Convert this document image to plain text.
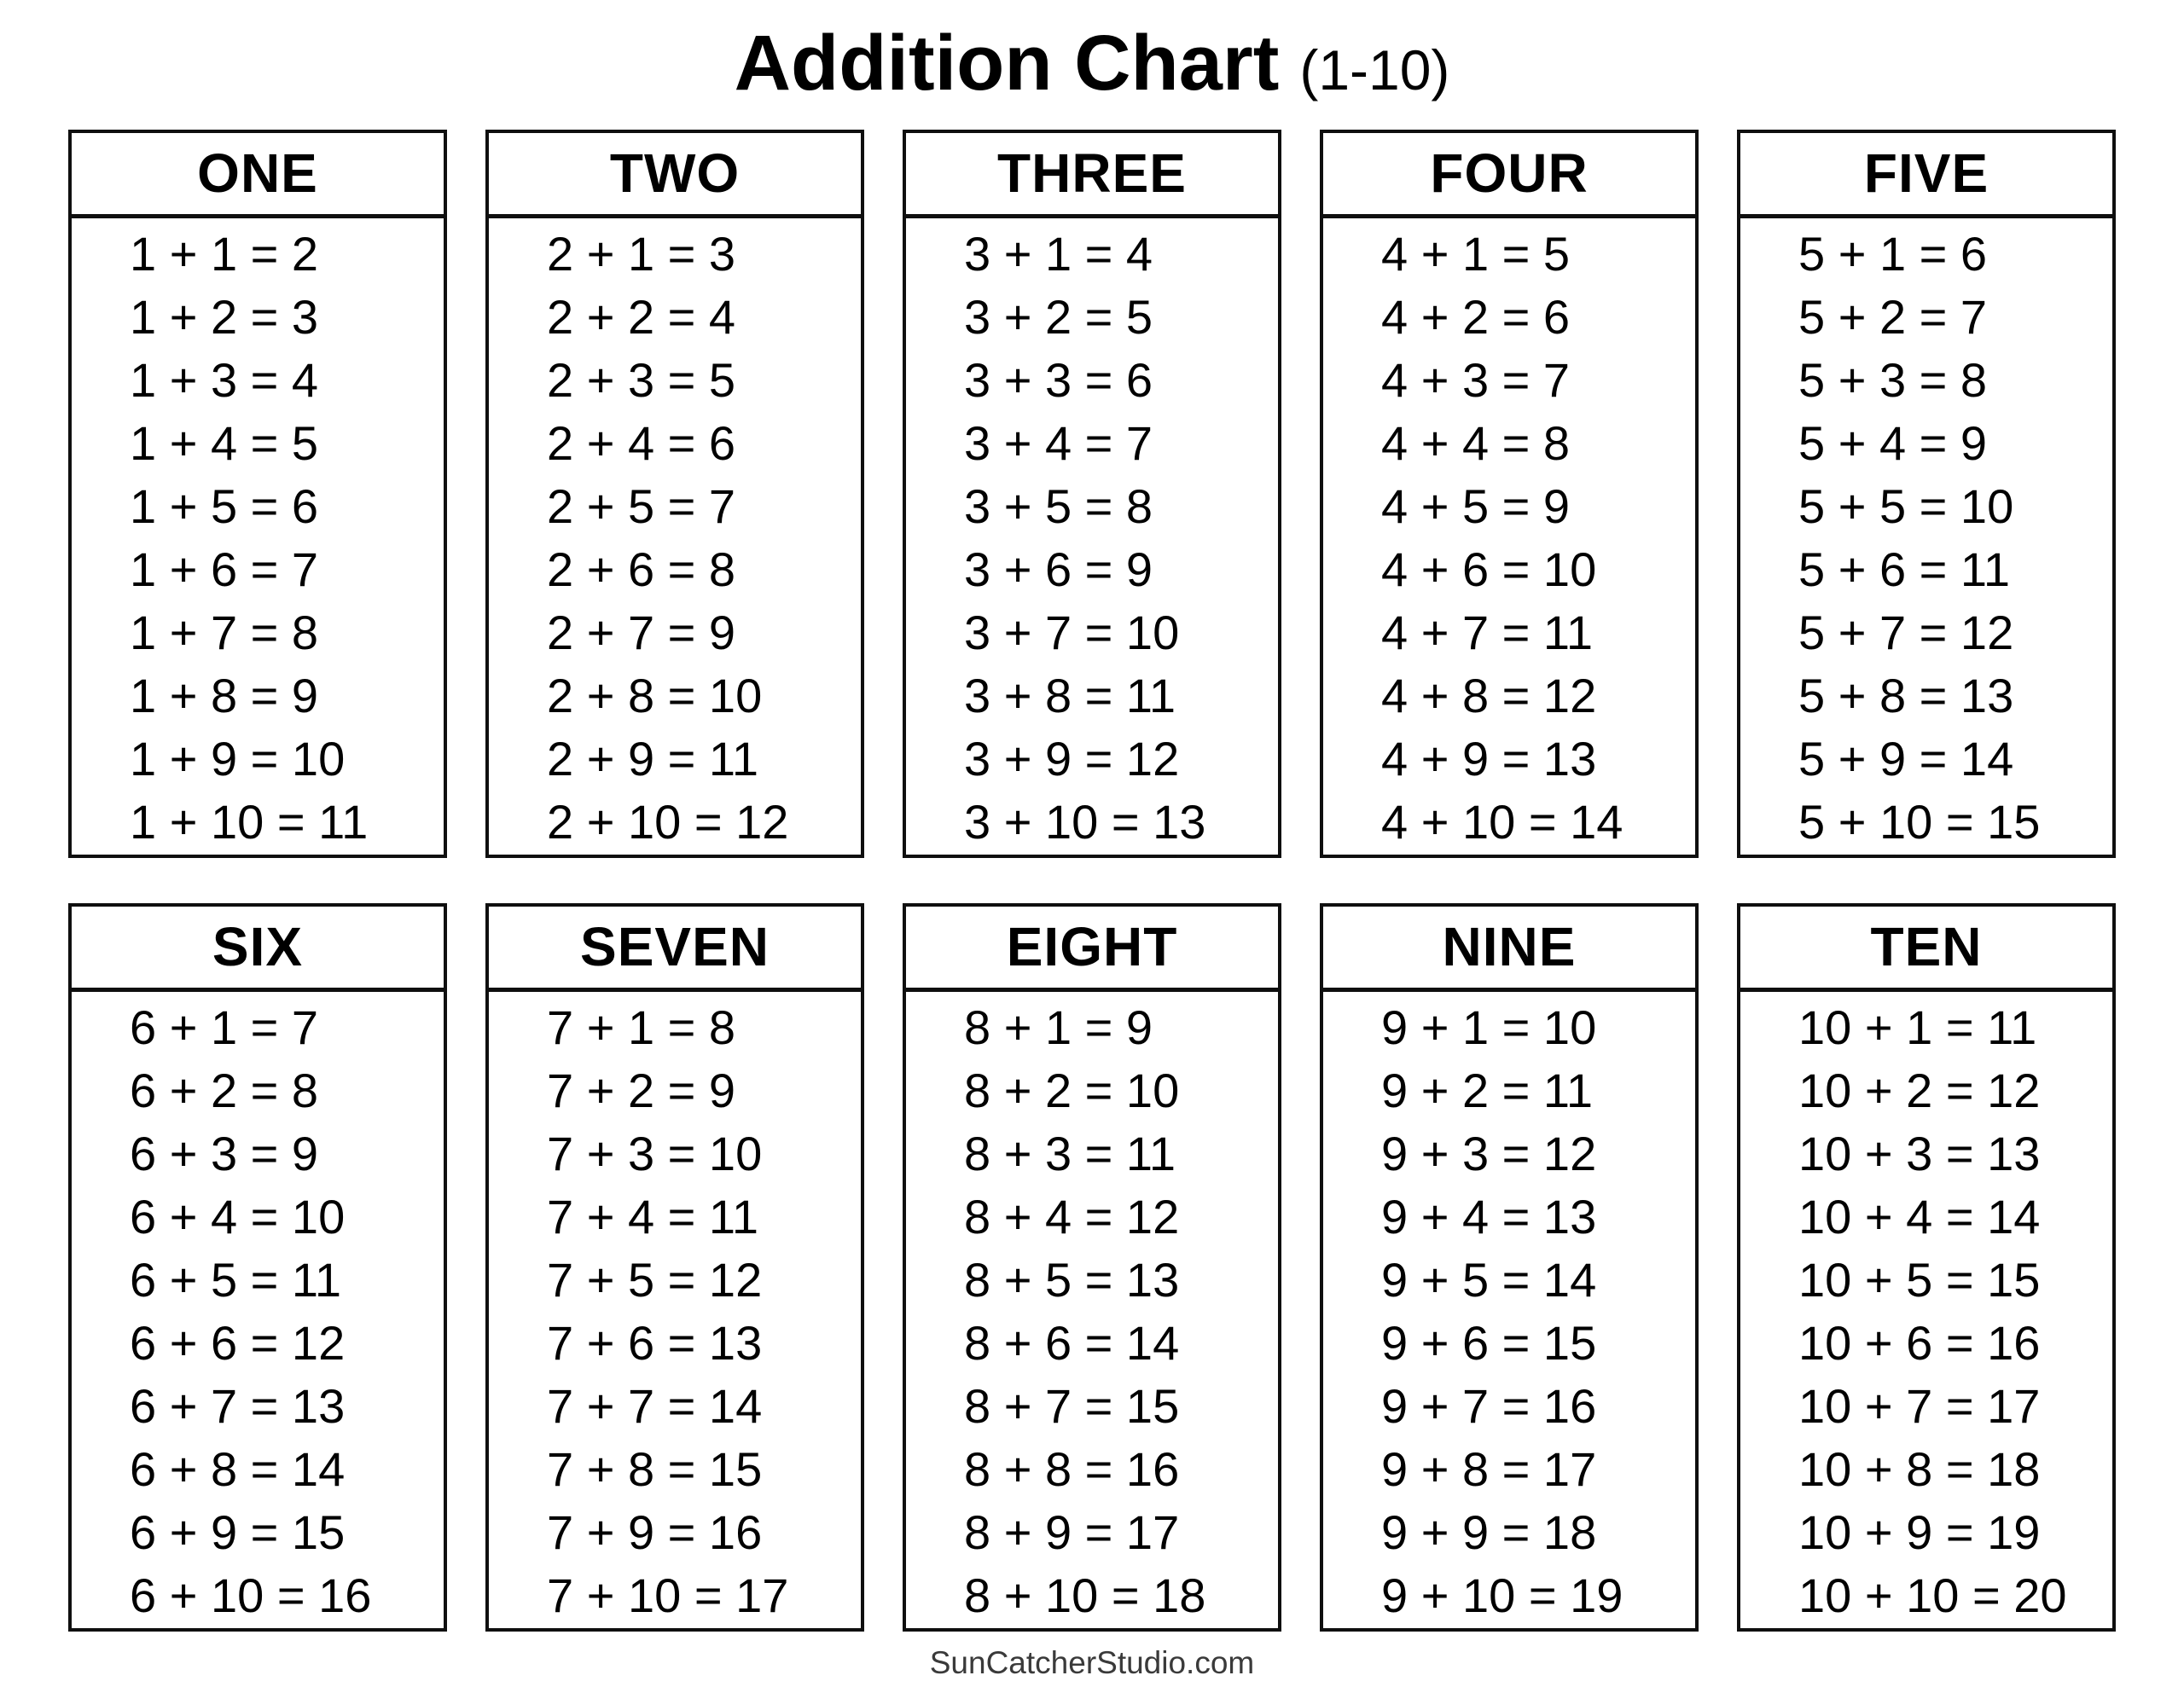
Addition Chart (1-10)
ONE
1 + 1 = 2
1 + 2 = 3
1 + 3 = 4
1 + 4 = 5
1 + 5 = 6
1 + 6 = 7
1 + 7 = 8
1 + 8 = 9
1 + 9 = 10
1 + 10 = 11
TWO
2 + 1 = 3
2 + 2 = 4
2 + 3 = 5
2 + 4 = 6
2 + 5 = 7
2 + 6 = 8
2 + 7 = 9
2 + 8 = 10
2 + 9 = 11
2 + 10 = 12
THREE
3 + 1 = 4
3 + 2 = 5
3 + 3 = 6
3 + 4 = 7
3 + 5 = 8
3 + 6 = 9
3 + 7 = 10
3 + 8 = 11
3 + 9 = 12
3 + 10 = 13
FOUR
4 + 1 = 5
4 + 2 = 6
4 + 3 = 7
4 + 4 = 8
4 + 5 = 9
4 + 6 = 10
4 + 7 = 11
4 + 8 = 12
4 + 9 = 13
4 + 10 = 14
FIVE
5 + 1 = 6
5 + 2 = 7
5 + 3 = 8
5 + 4 = 9
5 + 5 = 10
5 + 6 = 11
5 + 7 = 12
5 + 8 = 13
5 + 9 = 14
5 + 10 = 15
SIX
6 + 1 = 7
6 + 2 = 8
6 + 3 = 9
6 + 4 = 10
6 + 5 = 11
6 + 6 = 12
6 + 7 = 13
6 + 8 = 14
6 + 9 = 15
6 + 10 = 16
SEVEN
7 + 1 = 8
7 + 2 = 9
7 + 3 = 10
7 + 4 = 11
7 + 5 = 12
7 + 6 = 13
7 + 7 = 14
7 + 8 = 15
7 + 9 = 16
7 + 10 = 17
EIGHT
8 + 1 = 9
8 + 2 = 10
8 + 3 = 11
8 + 4 = 12
8 + 5 = 13
8 + 6 = 14
8 + 7 = 15
8 + 8 = 16
8 + 9 = 17
8 + 10 = 18
NINE
9 + 1 = 10
9 + 2 = 11
9 + 3 = 12
9 + 4 = 13
9 + 5 = 14
9 + 6 = 15
9 + 7 = 16
9 + 8 = 17
9 + 9 = 18
9 + 10 = 19
TEN
10 + 1 = 11
10 + 2 = 12
10 + 3 = 13
10 + 4 = 14
10 + 5 = 15
10 + 6 = 16
10 + 7 = 17
10 + 8 = 18
10 + 9 = 19
10 + 10 = 20
SunCatcherStudio.com
